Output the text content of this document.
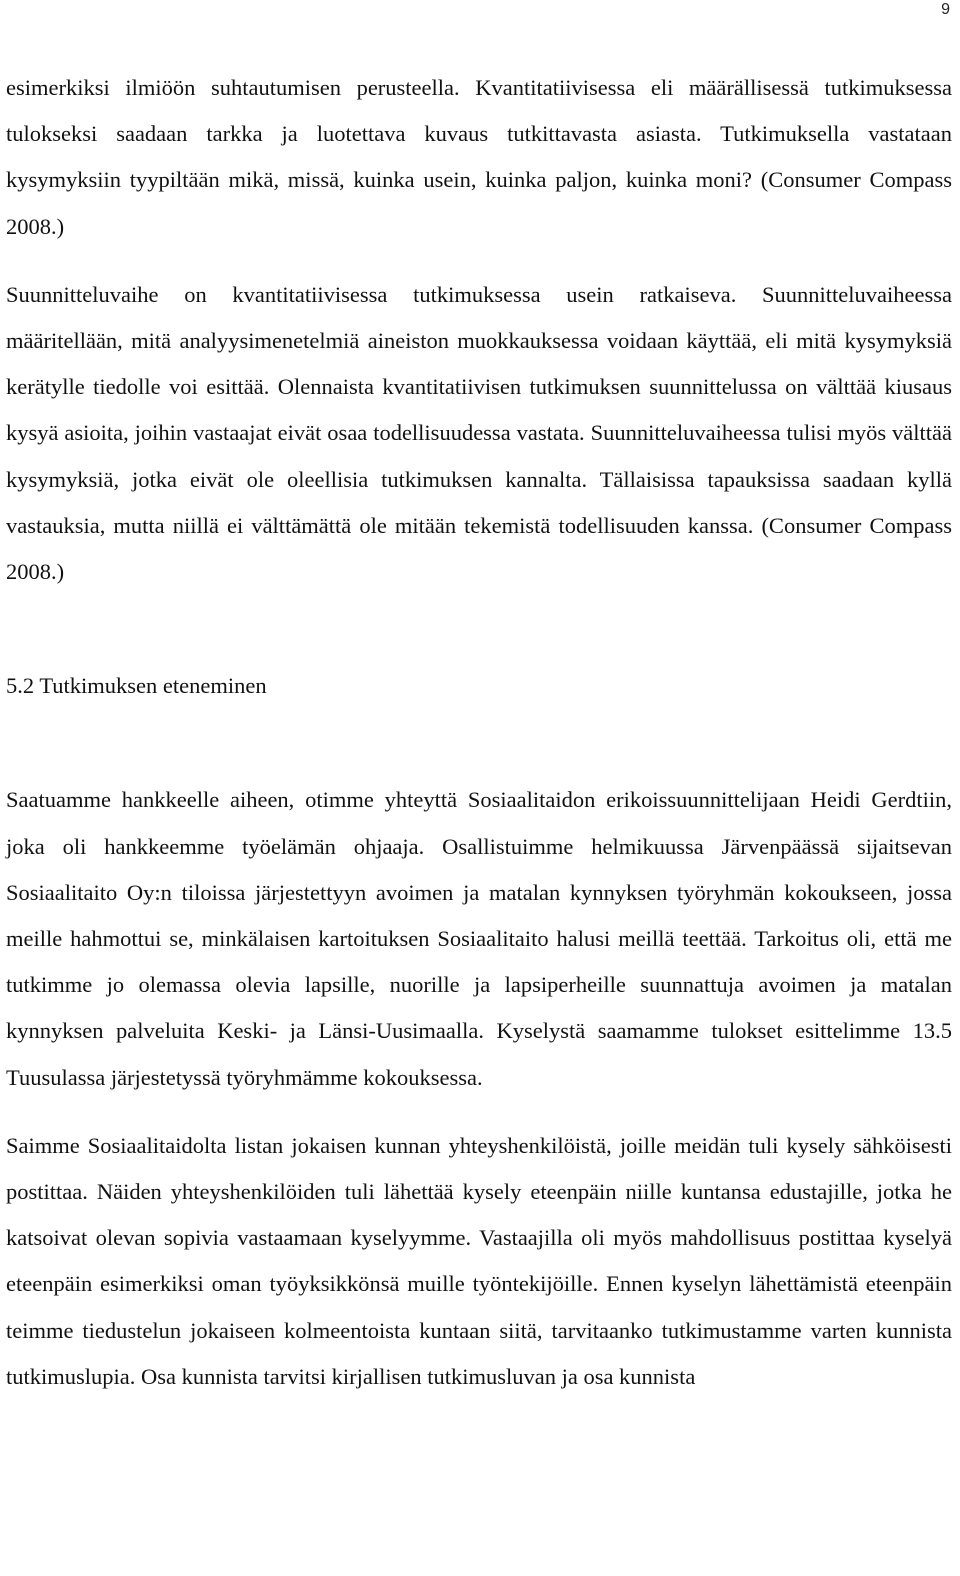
9

esimerkiksi ilmiöön suhtautumisen perusteella. Kvantitatiivisessa eli määrällisessä tutkimuksessa tulokseksi saadaan tarkka ja luotettava kuvaus tutkittavasta asiasta. Tutkimuksella vastataan kysymyksiin tyypiltään mikä, missä, kuinka usein, kuinka paljon, kuinka moni? (Consumer Compass 2008.)

Suunnitteluvaihe on kvantitatiivisessa tutkimuksessa usein ratkaiseva. Suunnitteluvaiheessa määritellään, mitä analyysimenetelmiä aineiston muokkauksessa voidaan käyttää, eli mitä kysymyksiä kerätylle tiedolle voi esittää. Olennaista kvantitatiivisen tutkimuksen suunnittelussa on välttää kiusaus kysyä asioita, joihin vastaajat eivät osaa todellisuudessa vastata. Suunnitteluvaiheessa tulisi myös välttää kysymyksiä, jotka eivät ole oleellisia tutkimuksen kannalta. Tällaisissa tapauksissa saadaan kyllä vastauksia, mutta niillä ei välttämättä ole mitään tekemistä todellisuuden kanssa. (Consumer Compass 2008.)

5.2 Tutkimuksen eteneminen

Saatuamme hankkeelle aiheen, otimme yhteyttä Sosiaalitaidon erikoissuunnittelijaan Heidi Gerdtiin, joka oli hankkeemme työelämän ohjaaja. Osallistuimme helmikuussa Järvenpäässä sijaitsevan Sosiaalitaito Oy:n tiloissa järjestettyyn avoimen ja matalan kynnyksen työryhmän kokoukseen, jossa meille hahmottui se, minkälaisen kartoituksen Sosiaalitaito halusi meillä teettää. Tarkoitus oli, että me tutkimme jo olemassa olevia lapsille, nuorille ja lapsiperheille suunnattuja avoimen ja matalan kynnyksen palveluita Keski- ja Länsi-Uusimaalla. Kyselystä saamamme tulokset esittelimme 13.5 Tuusulassa järjestetyssä työryhmämme kokouksessa.

Saimme Sosiaalitaidolta listan jokaisen kunnan yhteyshenkilöistä, joille meidän tuli kysely sähköisesti postittaa. Näiden yhteyshenkilöiden tuli lähettää kysely eteenpäin niille kuntansa edustajille, jotka he katsoivat olevan sopivia vastaamaan kyselyymme. Vastaajilla oli myös mahdollisuus postittaa kyselyä eteenpäin esimerkiksi oman työyksikkönsä muille työntekijöille. Ennen kyselyn lähettämistä eteenpäin teimme tiedustelun jokaiseen kolmeentoista kuntaan siitä, tarvitaanko tutkimustamme varten kunnista tutkimuslupia. Osa kunnista tarvitsi kirjallisen tutkimusluvan ja osa kunnista
